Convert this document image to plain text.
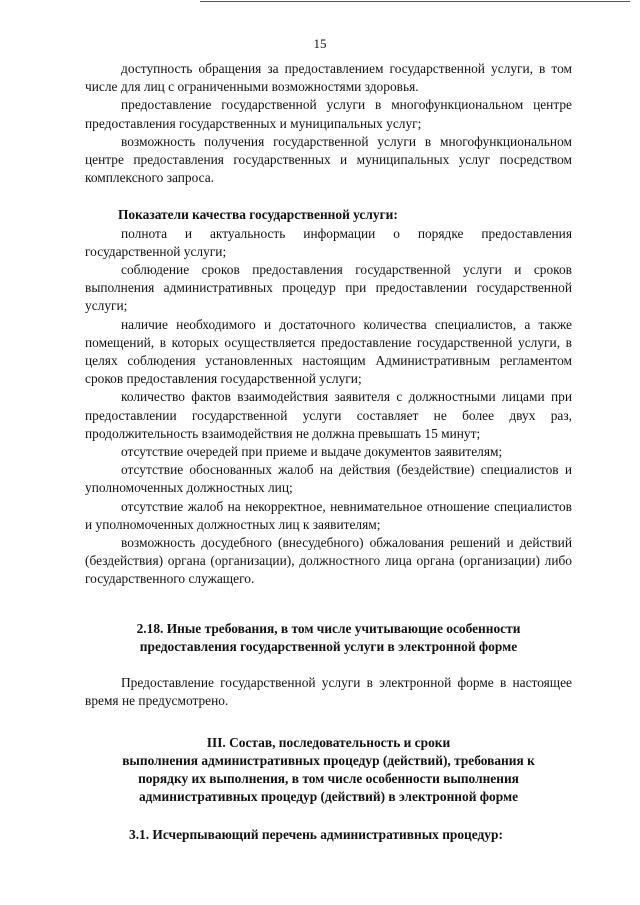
15

доступность обращения за предоставлением государственной услуги, в том числе для лиц с ограниченными возможностями здоровья.

предоставление государственной услуги в многофункциональном центре предоставления государственных и муниципальных услуг;

возможность получения государственной услуги в многофункциональном центре предоставления государственных и муниципальных услуг посредством комплексного запроса.

Показатели качества государственной услуги:

полнота и актуальность информации о порядке предоставления государственной услуги;

соблюдение сроков предоставления государственной услуги и сроков выполнения административных процедур при предоставлении государственной услуги;

наличие необходимого и достаточного количества специалистов, а также помещений, в которых осуществляется предоставление государственной услуги, в целях соблюдения установленных настоящим Административным регламентом сроков предоставления государственной услуги;

количество фактов взаимодействия заявителя с должностными лицами при предоставлении государственной услуги составляет не более двух раз, продолжительность взаимодействия не должна превышать 15 минут;

отсутствие очередей при приеме и выдаче документов заявителям;

отсутствие обоснованных жалоб на действия (бездействие) специалистов и уполномоченных должностных лиц;

отсутствие жалоб на некорректное, невнимательное отношение специалистов и уполномоченных должностных лиц к заявителям;

возможность досудебного (внесудебного) обжалования решений и действий (бездействия) органа (организации), должностного лица органа (организации) либо государственного служащего.

2.18. Иные требования, в том числе учитывающие особенности
предоставления государственной услуги в электронной форме

Предоставление государственной услуги в электронной форме в настоящее время не предусмотрено.

III. Состав, последовательность и сроки
выполнения административных процедур (действий), требования к
порядку их выполнения, в том числе особенности выполнения
административных процедур (действий) в электронной форме

3.1. Исчерпывающий перечень административных процедур:
